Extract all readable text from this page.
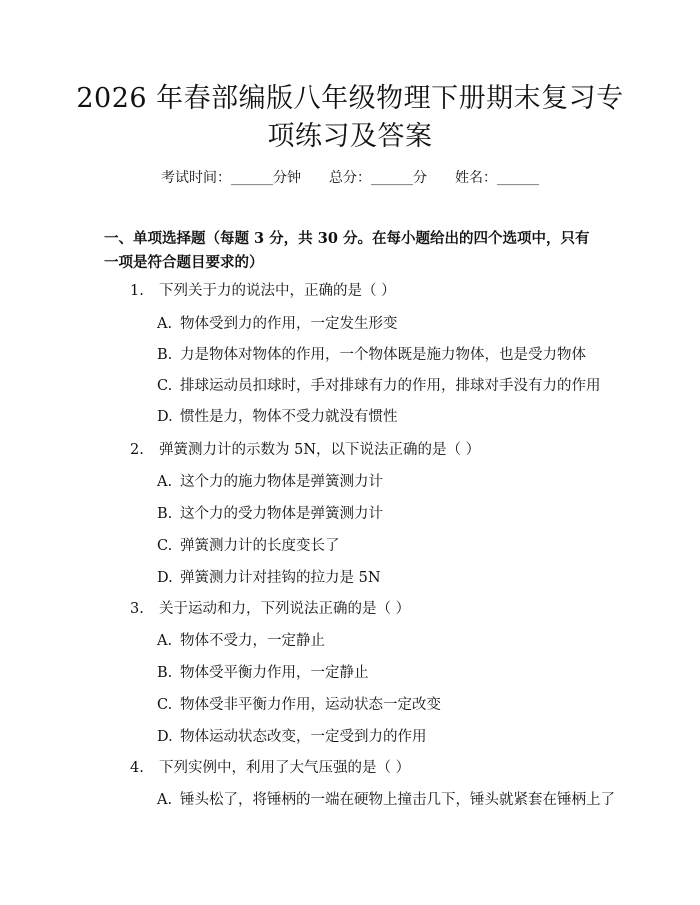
2026 年春部编版八年级物理下册期末复习专
项练习及答案
考试时间：______分钟 总分：______分 姓名：______
一、单项选择题（每题 3 分，共 30 分。在每小题给出的四个选项中，只有一项是符合题目要求的）
1. 下列关于力的说法中，正确的是（ ）
A. 物体受到力的作用，一定发生形变
B. 力是物体对物体的作用，一个物体既是施力物体，也是受力物体
C. 排球运动员扣球时，手对排球有力的作用，排球对手没有力的作用
D. 惯性是力，物体不受力就没有惯性
2. 弹簧测力计的示数为 5N，以下说法正确的是（ ）
A. 这个力的施力物体是弹簧测力计
B. 这个力的受力物体是弹簧测力计
C. 弹簧测力计的长度变长了
D. 弹簧测力计对挂钩的拉力是 5N
3. 关于运动和力，下列说法正确的是（ ）
A. 物体不受力，一定静止
B. 物体受平衡力作用，一定静止
C. 物体受非平衡力作用，运动状态一定改变
D. 物体运动状态改变，一定受到力的作用
4. 下列实例中，利用了大气压强的是（ ）
A. 锤头松了，将锤柄的一端在硬物上撞击几下，锤头就紧套在锤柄上了
